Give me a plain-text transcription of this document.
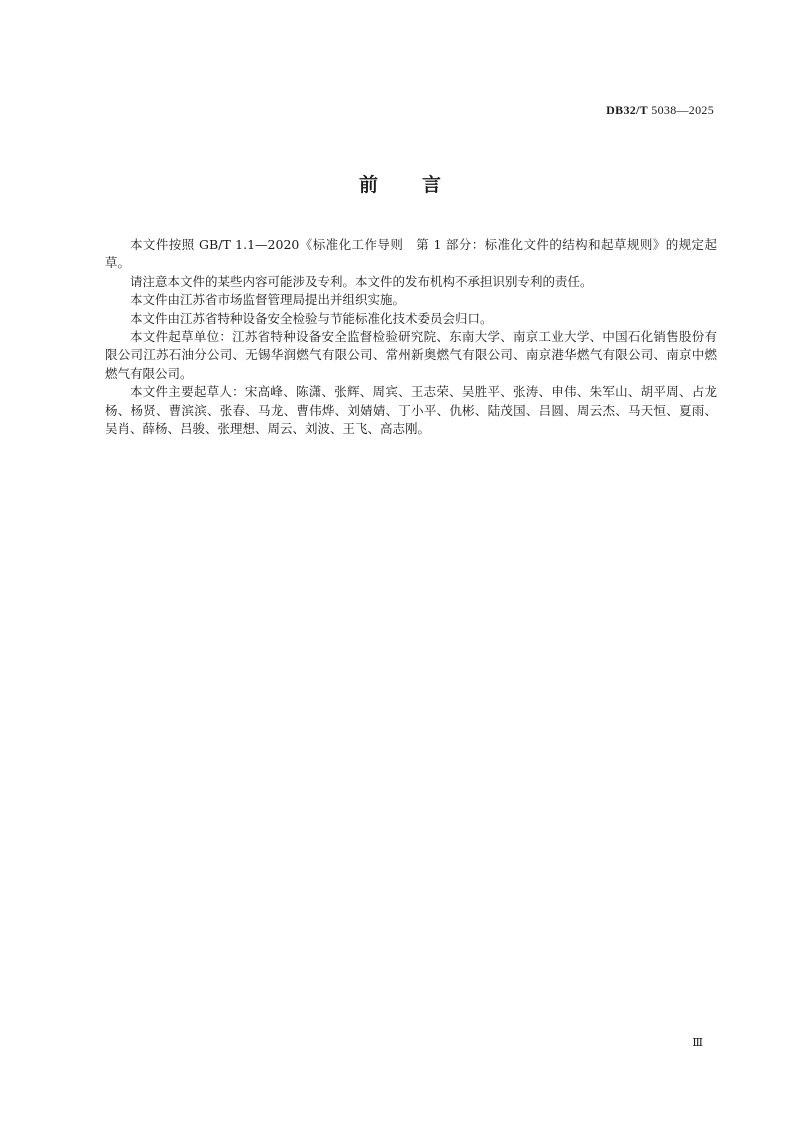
DB32/T 5038—2025
前言

本文件按照 GB/T 1.1—2020《标准化工作导则　第 1 部分：标准化文件的结构和起草规则》的规定起草。

请注意本文件的某些内容可能涉及专利。本文件的发布机构不承担识别专利的责任。

本文件由江苏省市场监督管理局提出并组织实施。

本文件由江苏省特种设备安全检验与节能标准化技术委员会归口。

本文件起草单位：江苏省特种设备安全监督检验研究院、东南大学、南京工业大学、中国石化销售股份有限公司江苏石油分公司、无锡华润燃气有限公司、常州新奥燃气有限公司、南京港华燃气有限公司、南京中燃燃气有限公司。

本文件主要起草人：宋高峰、陈潇、张辉、周宾、王志荣、吴胜平、张涛、申伟、朱军山、胡平周、占龙杨、杨贤、曹滨滨、张春、马龙、曹伟烨、刘婧婧、丁小平、仇彬、陆茂国、吕圆、周云杰、马天恒、夏雨、吴肖、薛杨、吕骏、张理想、周云、刘波、王飞、高志刚。

Ⅲ
